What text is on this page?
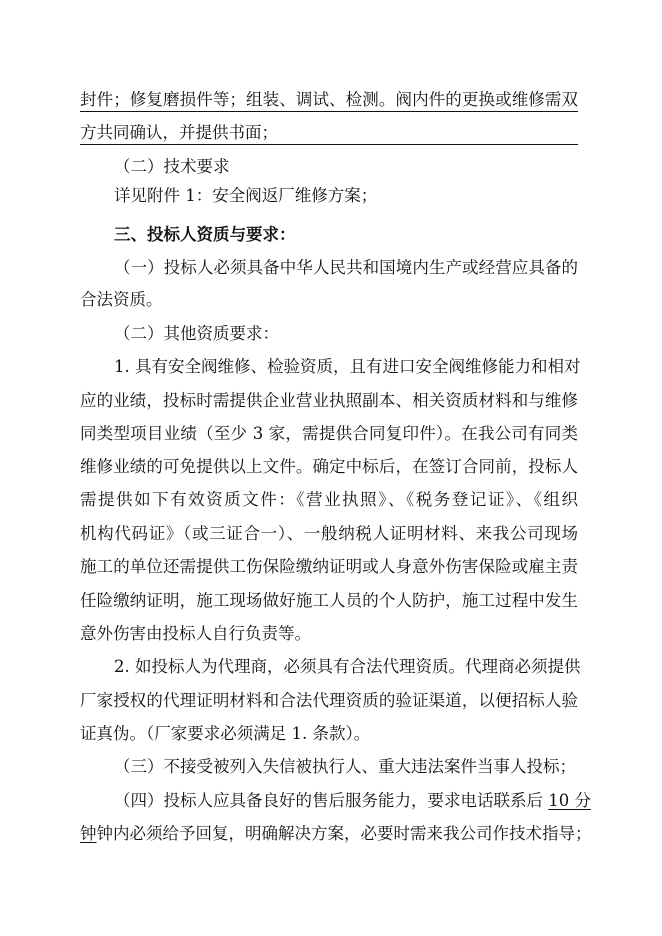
封件；修复磨损件等；组装、调试、检测。阀内件的更换或维修需双
方共同确认，并提供书面；
（二）技术要求
详见附件 1：安全阀返厂维修方案；
三、投标人资质与要求：
（一）投标人必须具备中华人民共和国境内生产或经营应具备的
合法资质。
（二）其他资质要求：
1. 具有安全阀维修、检验资质，且有进口安全阀维修能力和相对
应的业绩，投标时需提供企业营业执照副本、相关资质材料和与维修
同类型项目业绩（至少 3 家，需提供合同复印件）。在我公司有同类
维修业绩的可免提供以上文件。确定中标后，在签订合同前，投标人
需提供如下有效资质文件：《营业执照》、《税务登记证》、《组织
机构代码证》（或三证合一）、一般纳税人证明材料、来我公司现场
施工的单位还需提供工伤保险缴纳证明或人身意外伤害保险或雇主责
任险缴纳证明，施工现场做好施工人员的个人防护，施工过程中发生
意外伤害由投标人自行负责等。
2. 如投标人为代理商，必须具有合法代理资质。代理商必须提供
厂家授权的代理证明材料和合法代理资质的验证渠道，以便招标人验
证真伪。（厂家要求必须满足 1. 条款）。
（三）不接受被列入失信被执行人、重大违法案件当事人投标；
（四）投标人应具备良好的售后服务能力，要求电话联系后 10 分
钟钟内必须给予回复，明确解决方案，必要时需来我公司作技术指导；
